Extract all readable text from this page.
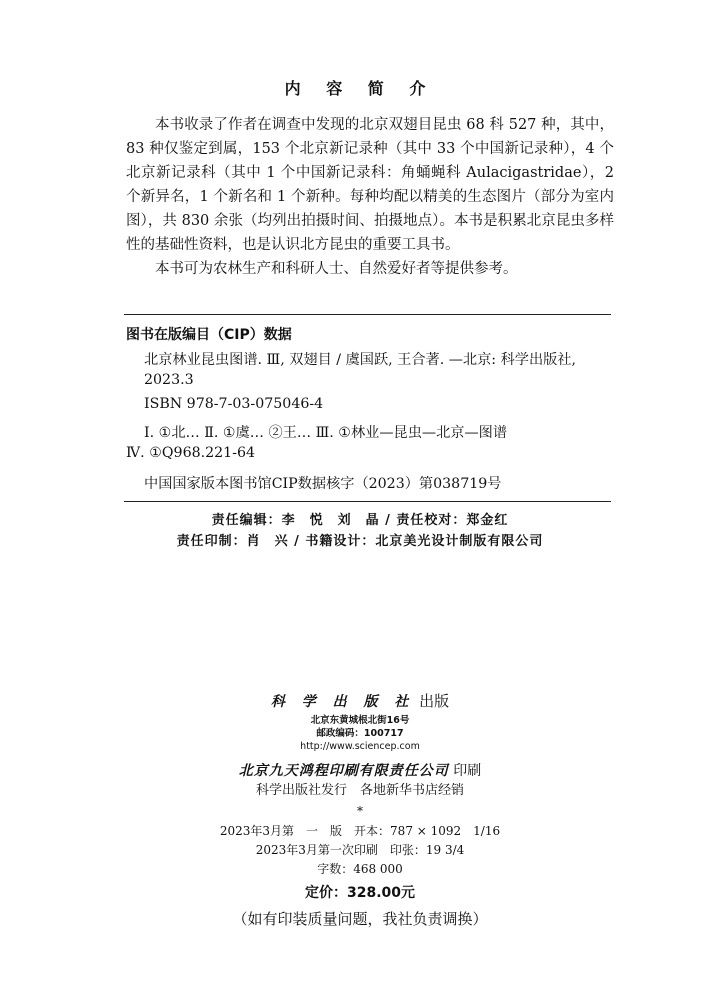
内 容 简 介

本书收录了作者在调查中发现的北京双翅目昆虫 68 科 527 种，其中，83 种仅鉴定到属，153 个北京新记录种（其中 33 个中国新记录种），4 个北京新记录科（其中 1 个中国新记录科：角蛹蝇科 Aulacigastridae），2 个新异名，1 个新名和 1 个新种。每种均配以精美的生态图片（部分为室内图），共 830 余张（均列出拍摄时间、拍摄地点）。本书是积累北京昆虫多样性的基础性资料，也是认识北方昆虫的重要工具书。

本书可为农林生产和科研人士、自然爱好者等提供参考。

图书在版编目（CIP）数据
北京林业昆虫图谱. Ⅲ, 双翅目 / 虞国跃, 王合著. —北京: 科学出版社, 2023.3
ISBN 978-7-03-075046-4
Ⅰ. ①北… Ⅱ. ①虞… ②王… Ⅲ. ①林业—昆虫—北京—图谱
Ⅳ. ①Q968.221-64
中国国家版本图书馆CIP数据核字（2023）第038719号
责任编辑：李　悦　刘　晶 / 责任校对：郑金红
责任印制：肖　兴 / 书籍设计：北京美光设计制版有限公司
科 学 出 版 社 出版
北京东黄城根北街16号
邮政编码：100717
http://www.sciencep.com
北京九天鸿程印刷有限责任公司 印刷
科学出版社发行　各地新华书店经销
*
2023年3月第　一　版　开本：787 × 1092　1/16
2023年3月第一次印刷　印张：19 3/4
字数：468 000
定价：328.00元
（如有印装质量问题，我社负责调换）
